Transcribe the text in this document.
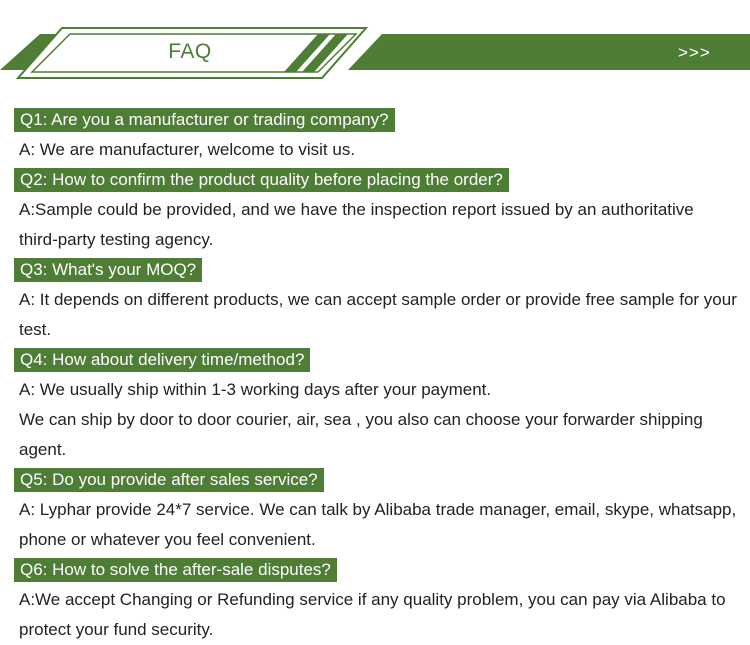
FAQ	>>>
Q1: Are you a manufacturer or trading company?

A: We are manufacturer, welcome to visit us.

Q2: How to confirm the product quality before placing the order?

A:Sample could be provided, and we have the inspection report issued by an authoritative

third-party testing agency.

Q3: What's your MOQ?

A: It depends on different products, we can accept sample order or provide free sample for your

test.

Q4: How about delivery time/method?

A: We usually ship within 1-3 working days after your payment.

We can ship by door to door courier, air, sea , you also can choose your forwarder shipping

agent.

Q5: Do you provide after sales service?

A: Lyphar provide 24*7 service. We can talk by Alibaba trade manager, email, skype, whatsapp,

phone or whatever you feel convenient.

Q6: How to solve the after-sale disputes?

A:We accept Changing or Refunding service if any quality problem, you can pay via Alibaba to

protect your fund security.
